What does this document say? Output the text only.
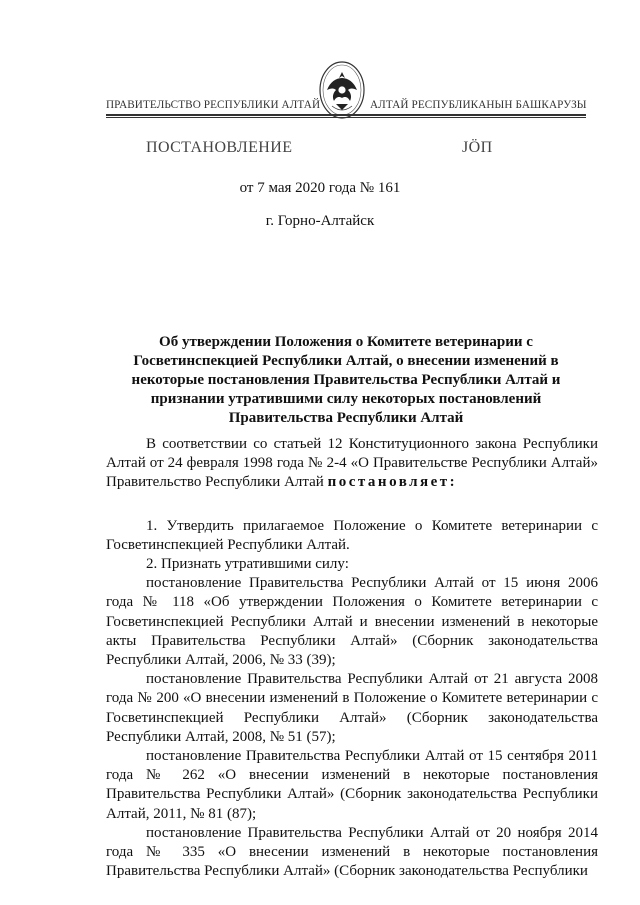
ПРАВИТЕЛЬСТВО РЕСПУБЛИКИ АЛТАЙ	АЛТАЙ РЕСПУБЛИКАНЫН БАШКАРУЗЫ
ПОСТАНОВЛЕНИЕ	ЈӦП
от 7 мая 2020 года № 161
г. Горно-Алтайск

Об утверждении Положения о Комитете ветеринарии с Госветинспекцией Республики Алтай, о внесении изменений в некоторые постановления Правительства Республики Алтай и признании утратившими силу некоторых постановлений Правительства Республики Алтай

В соответствии со статьей 12 Конституционного закона Республики Алтай от 24 февраля 1998 года № 2-4 «О Правительстве Республики Алтай» Правительство Республики Алтай постановляет:

1. Утвердить прилагаемое Положение о Комитете ветеринарии с Госветинспекцией Республики Алтай.

2. Признать утратившими силу:

постановление Правительства Республики Алтай от 15 июня 2006 года № 118 «Об утверждении Положения о Комитете ветеринарии с Госветинспекцией Республики Алтай и внесении изменений в некоторые акты Правительства Республики Алтай» (Сборник законодательства Республики Алтай, 2006, № 33 (39);

постановление Правительства Республики Алтай от 21 августа 2008 года № 200 «О внесении изменений в Положение о Комитете ветеринарии с Госветинспекцией Республики Алтай» (Сборник законодательства Республики Алтай, 2008, № 51 (57);

постановление Правительства Республики Алтай от 15 сентября 2011 года № 262 «О внесении изменений в некоторые постановления Правительства Республики Алтай» (Сборник законодательства Республики Алтай, 2011, № 81 (87);

постановление Правительства Республики Алтай от 20 ноября 2014 года № 335 «О внесении изменений в некоторые постановления Правительства Республики Алтай» (Сборник законодательства Республики
